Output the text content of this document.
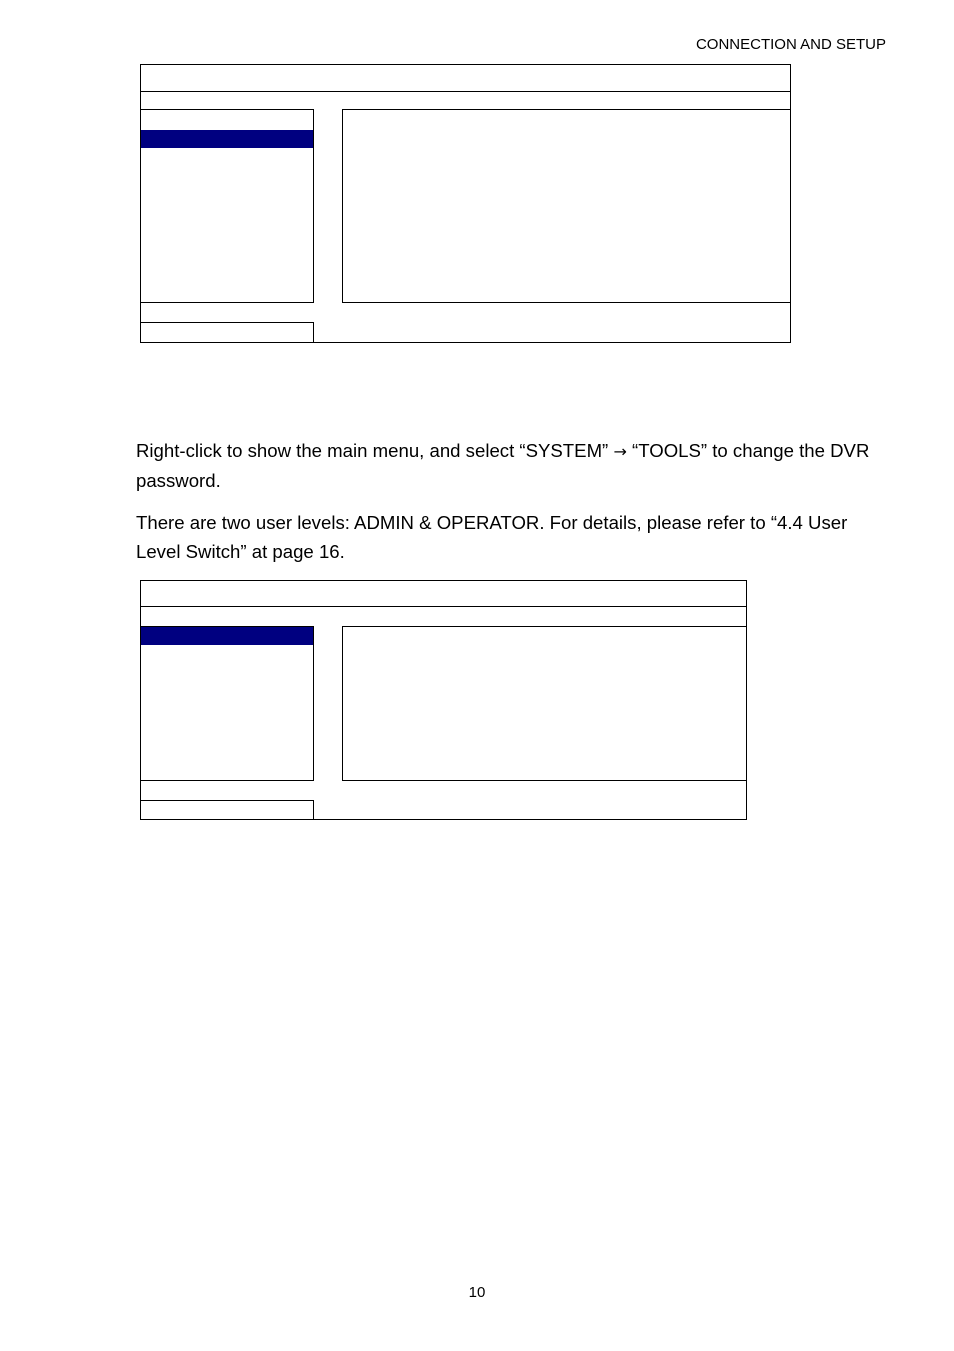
CONNECTION AND SETUP

Right-click to show the main menu, and select “SYSTEM” → “TOOLS” to change the DVR password.

There are two user levels: ADMIN & OPERATOR. For details, please refer to “4.4 User Level Switch” at page 16.

10
